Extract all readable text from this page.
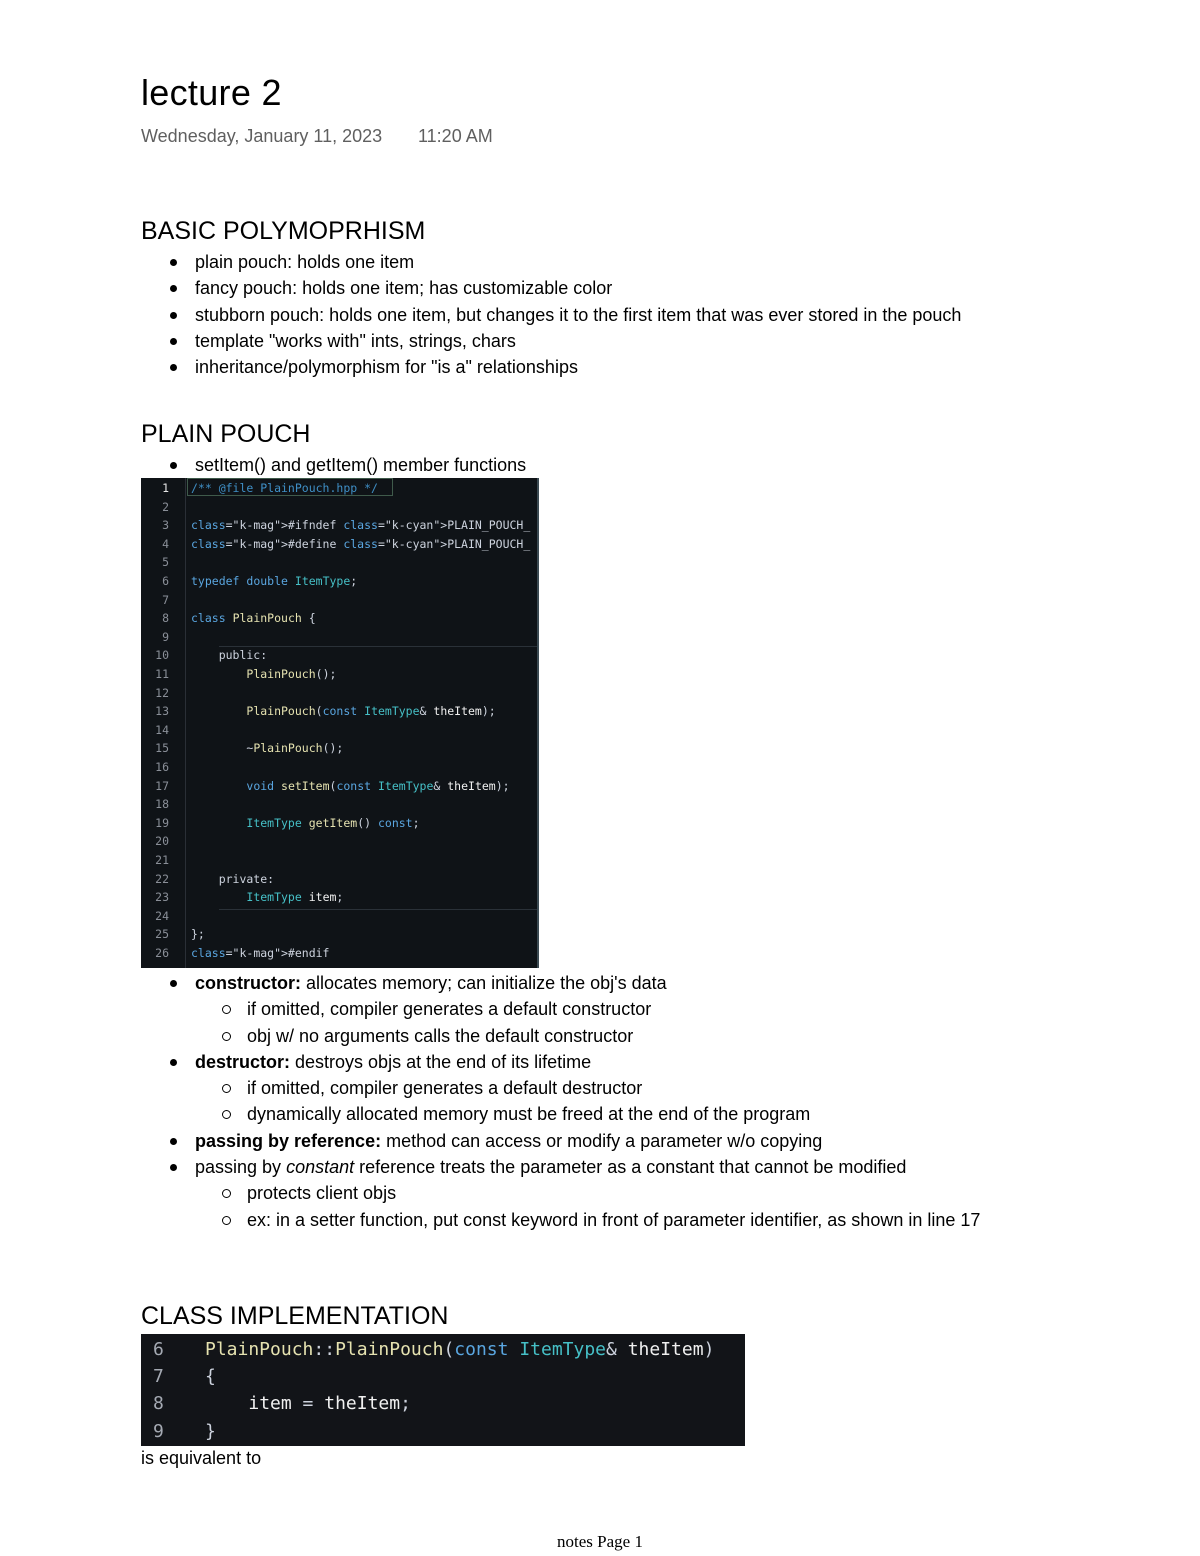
lecture 2
Wednesday, January 11, 2023 11:20 AM
BASIC POLYMOPRHISM
plain pouch: holds one item
fancy pouch: holds one item; has customizable color
stubborn pouch: holds one item, but changes it to the first item that was ever stored in the pouch
template "works with" ints, strings, chars
inheritance/polymorphism for "is a" relationships
PLAIN POUCH
setItem() and getItem() member functions
1 /** @file PlainPouch.hpp */
2
3 class="k-mag">#ifndef class="k-cyan">PLAIN_POUCH_
4 class="k-mag">#define class="k-cyan">PLAIN_POUCH_
5
6 typedef double ItemType;
7
8 class PlainPouch {
9
10 public:
11	PlainPouch();
12
13	PlainPouch(const ItemType& theItem);
14
15 ~PlainPouch();
16
17	void setItem(const ItemType& theItem);
18
19	ItemType getItem() const;
20
21
22 private:
23	ItemType item;
24
25 };
26 class="k-mag">#endif
constructor: allocates memory; can initialize the obj's data
if omitted, compiler generates a default constructor
obj w/ no arguments calls the default constructor
destructor: destroys objs at the end of its lifetime
if omitted, compiler generates a default destructor
dynamically allocated memory must be freed at the end of the program
passing by reference: method can access or modify a parameter w/o copying
passing by constant reference treats the parameter as a constant that cannot be modified
protects client objs
ex: in a setter function, put const keyword in front of parameter identifier, as shown in line 17
CLASS IMPLEMENTATION
6 PlainPouch::PlainPouch(const ItemType& theItem)
7 {
8	item = theItem;
9 }
is equivalent to
notes Page 1
